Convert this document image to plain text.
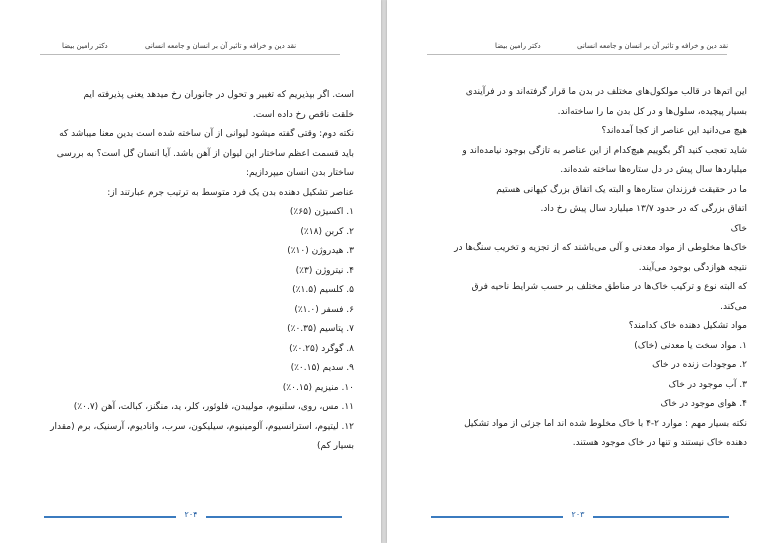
دکتر رامین بیضا	نقد دین و خرافه و تاثیر آن بر انسان و جامعه انسانی

است. اگر بپذیریم که تغییر و تحول در جانوران رخ میدهد یعنی پذیرفته ایم

خلقت ناقص رخ داده است.

نکته دوم: وقتی گفته میشود لیوانی از آن ساخته شده است بدین معنا میباشد که

باید قسمت اعظم ساختار این لیوان از آهن باشد. آیا انسان گل است؟ به بررسی

ساختار بدن انسان میپردازیم:

عناصر تشکیل دهنده بدن یک فرد متوسط به ترتیب جرم عبارتند از:

۱. اکسیژن (۶۵٪)

۲. کربن (۱۸٪)

۳. هیدروژن (۱۰٪)

۴. نیتروژن (۳٪)

۵. کلسیم (۱.۵٪)

۶. فسفر (۱.۰٪)

۷. پتاسیم (۰.۳۵٪)

۸. گوگرد (۰.۲۵٪)

۹. سدیم (۰.۱۵٪)

۱۰. منیزیم (۰.۱۵٪)

۱۱. مس، روی، سلنیوم، مولیبدن، فلوئور، کلر، ید، منگنز، کبالت، آهن (۰.۷٪)

۱۲. لیتیوم، استرانسیوم، آلومینیوم، سیلیکون، سرب، وانادیوم، آرسنیک، برم (مقدار

بسیار کم)

۲۰۴
دکتر رامین بیضا	نقد دین و خرافه و تاثیر آن بر انسان و جامعه انسانی

این اتم‌ها در قالب مولکول‌های مختلف در بدن ما قرار گرفته‌اند و در فرآیندی

بسیار پیچیده، سلول‌ها و در کل بدن ما را ساخته‌اند.

هیچ می‌دانید این عناصر از کجا آمده‌اند؟

شاید تعجب کنید اگر بگوییم هیچ‌کدام از این عناصر به تازگی بوجود نیامده‌اند و

میلیاردها سال پیش در دل ستاره‌ها ساخته شده‌اند.

ما در حقیقت فرزندان ستاره‌ها و البته یک اتفاق بزرگ کیهانی هستیم

اتفاق بزرگی که در حدود ۱۳/۷ میلیارد سال پیش رخ داد.

خاک

خاک‌ها مخلوطی از مواد معدنی و آلی می‌باشند که از تجزیه و تخریب سنگ‌ها در

نتیجه هوازدگی بوجود می‌آیند.

که البته نوع و ترکیب خاک‌ها در مناطق مختلف بر حسب شرایط ناحیه فرق

می‌کند.

مواد تشکیل دهنده خاک کدامند؟

۱. مواد سخت یا معدنی (خاک)

۲. موجودات زنده در خاک

۳. آب موجود در خاک

۴. هوای موجود در خاک

نکته بسیار مهم : موارد ۲-۴ با خاک مخلوط شده اند اما جزئی از مواد تشکیل

دهنده خاک نیستند و تنها در خاک موجود هستند.

۲۰۳
